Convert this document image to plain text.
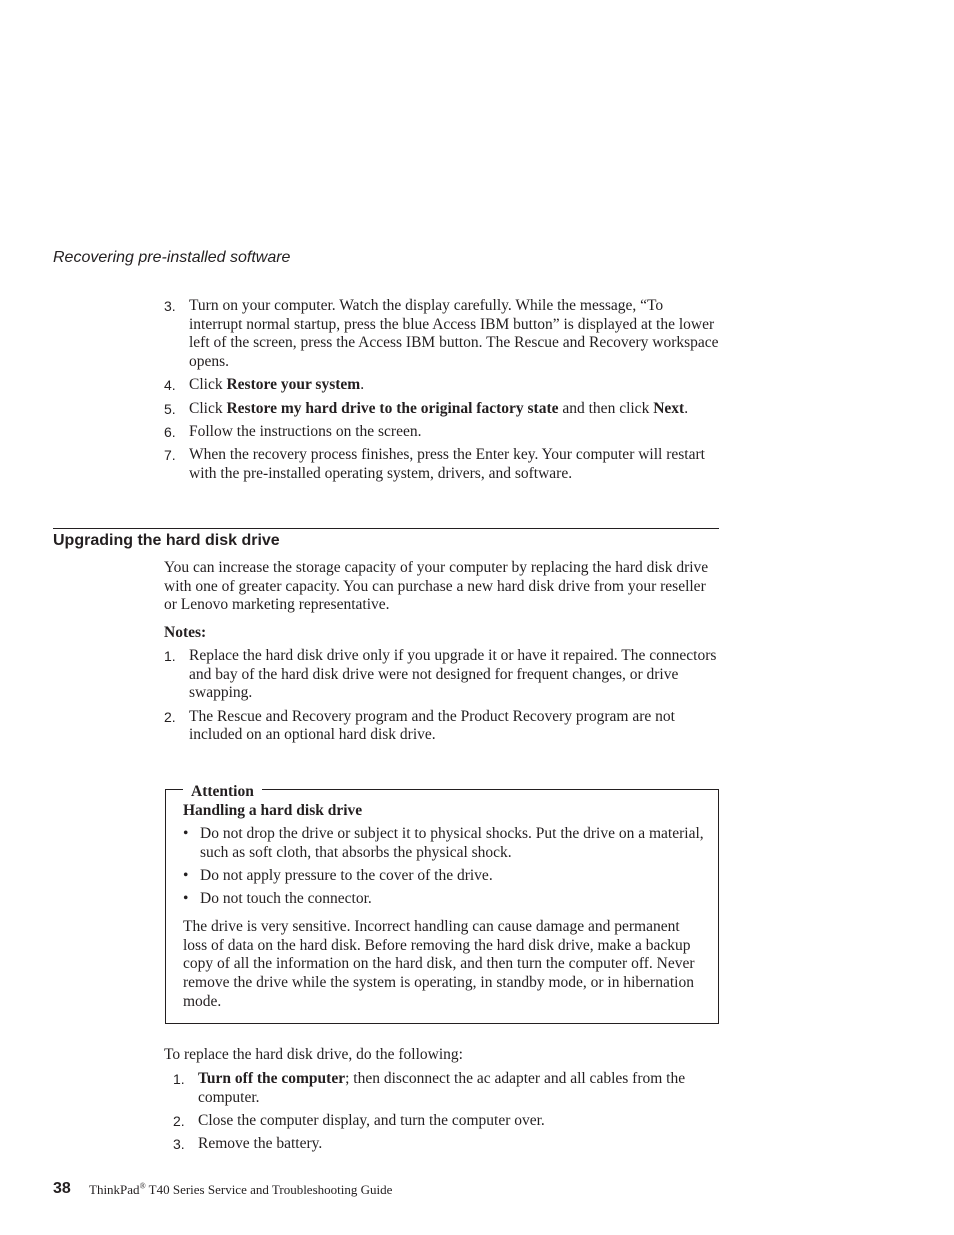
Recovering pre-installed software
3. Turn on your computer. Watch the display carefully. While the message, “To interrupt normal startup, press the blue Access IBM button” is displayed at the lower left of the screen, press the Access IBM button. The Rescue and Recovery workspace opens.
4. Click Restore your system.
5. Click Restore my hard drive to the original factory state and then click Next.
6. Follow the instructions on the screen.
7. When the recovery process finishes, press the Enter key. Your computer will restart with the pre-installed operating system, drivers, and software.
Upgrading the hard disk drive
You can increase the storage capacity of your computer by replacing the hard disk drive with one of greater capacity. You can purchase a new hard disk drive from your reseller or Lenovo marketing representative.
Notes:
1. Replace the hard disk drive only if you upgrade it or have it repaired. The connectors and bay of the hard disk drive were not designed for frequent changes, or drive swapping.
2. The Rescue and Recovery program and the Product Recovery program are not included on an optional hard disk drive.
Attention
Handling a hard disk drive
• Do not drop the drive or subject it to physical shocks. Put the drive on a material, such as soft cloth, that absorbs the physical shock.
• Do not apply pressure to the cover of the drive.
• Do not touch the connector.
The drive is very sensitive. Incorrect handling can cause damage and permanent loss of data on the hard disk. Before removing the hard disk drive, make a backup copy of all the information on the hard disk, and then turn the computer off. Never remove the drive while the system is operating, in standby mode, or in hibernation mode.
To replace the hard disk drive, do the following:
1. Turn off the computer; then disconnect the ac adapter and all cables from the computer.
2. Close the computer display, and turn the computer over.
3. Remove the battery.
38 ThinkPad® T40 Series Service and Troubleshooting Guide
